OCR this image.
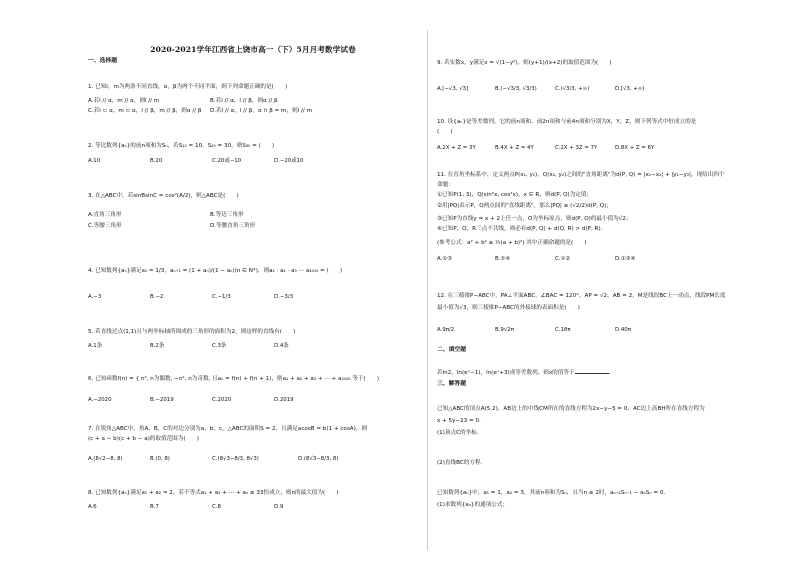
2020-2021学年江西省上饶市高一（下）5月月考数学试卷
一、选择题
1. 已知l，m为两条不同直线，α，β为两个不同平面，则下列命题正确的是(　　)
A.若l // α，m // α，则l // m	B.若l // α，l // β，则α // β
C.若l ⊂ α，m ⊂ α，l // β，m // β，则α // β D.若l // α，l // β，α ∩ β = m，则l // m
2. 等比数列{aₙ}的前n项和为Sₙ，若S₁₀ = 10，S₂₀ = 30，则S₃₀ = (　　)
A.10	B.20	C.20或−10	D.−20或10
3. 在△ABC中，若sinBsinC = cos²(A/2)，则△ABC是(　　)
A.直角三角形	B.等边三角形
C.等腰三角形	D.等腰直角三角形
4. 已知数列{aₙ}满足a₁ = 1/3，aₙ₊₁ = (1 + aₙ)/(1 − aₙ)(n ∈ N*)，则a₁ · a₂ · a₃ ⋯ a₂₀₁₉ = (　　)
A.−3	B.−2	C.−1/3	D.−3/3
5. 若直线过点(1,1)且与两坐标轴所围成的三角形的面积为2，则这样的直线有(　　)
A.1条	B.2条	C.3条	D.4条
6. 已知函数f(n) = { n², n为偶数, −n², n为奇数, 且aₙ = f(n) + f(n + 1)，则a₁ + a₂ + a₃ + ⋯ + a₂₀₂₀ 等于(　　)
A.−2020	B.−2019	C.2020	D.2019
7. 在锐角△ABC中，角A，B，C的对边分别为a，b，c，△ABC的面积S = 2，且满足acosB = b(1 + cosA)，则
(c + a − b)(c + b − a)的取值范围为(　　)
A.(8√2−8, 8)	B.(0, 8)	C.(8√3−8/3, 8√3)	D.(8√3−8/3, 8)
8. 已知数列{aₙ}满足a₁ + a₂ = 2，若不等式a₁ + a₂ + ⋯ + aₙ ≤ 33恒成立，则n的最大值为(　　)
A.6	B.7	C.8	D.9
9. 若实数x，y满足x = √(1−y²)，则(y+1)/(x+2)的取值范围为(　　)
A.[−√3, √3]	B.(−√3/3, √3/3)	C.(√3/3, +∞)	D.[√3, +∞)
10. 设{aₙ}是等差数列，它的前n项和、前2n项和与前4n项和分别为X，Y，Z，则下列等式中恒成立的是
(　　)
A.2X + Z = 3Y	B.4X + Z = 4Y	C.2X + 3Z = 7Y	D.8X + Z = 6Y
11. 在直角坐标系中，定义两点P(x₁, y₁)，Q(x₂, y₂)之间的"直角距离"为d(P, Q) = |x₁−x₂| + |y₁−y₂|，现给出四个
命题：
①已知P(1, 3)，Q(sin²x, cos²x)，x ∈ R，则d(P, Q)为定值；
②用|PQ|表示P，Q两点间的"直线距离"，那么|PQ| ≥ (√2/2)d(P, Q)；
③已知P为直线y = x + 2上任一点，O为坐标原点，则d(P, O)的最小值为√2；
④已知P，Q，R三点不共线，则必有d(P, Q) + d(Q, R) > d(P, R).
(参考公式：a² + b² ≥ ½(a + b)²) 其中正确命题的是(　　)
A.①③	B.①④	C.①②	D.①②④
12. 在三棱锥P−ABC中，PA⊥平面ABC，∠BAC = 120°，AP = √2，AB = 2，M是线段BC上一动点，线段PM长度
最小值为√3，则三棱锥P−ABC的外接球的表面积是(　　)
A.9π/2	B.9√2π	C.18π	D.40π
二、填空题
若ln2，ln(eˣ−1)，ln(eˣ+3)成等差数列，则x的值等于	.
三、解答题
已知△ABC的顶点A(5,2)，AB边上的中线CM所在的直线方程为2x−y−5 = 0，AC边上高BH所在直线方程为
x + 5y−23 = 0.
(1)顶点C的坐标.
(2)直线BC的方程.
已知数列{aₙ}中，a₁ = 1，a₂ = 3，其前n项和为Sₙ，且当n ≥ 2时，aₙ₊₁Sₙ₋₁ − aₙSₙ = 0.
(1)求数列{aₙ}的通项公式；
